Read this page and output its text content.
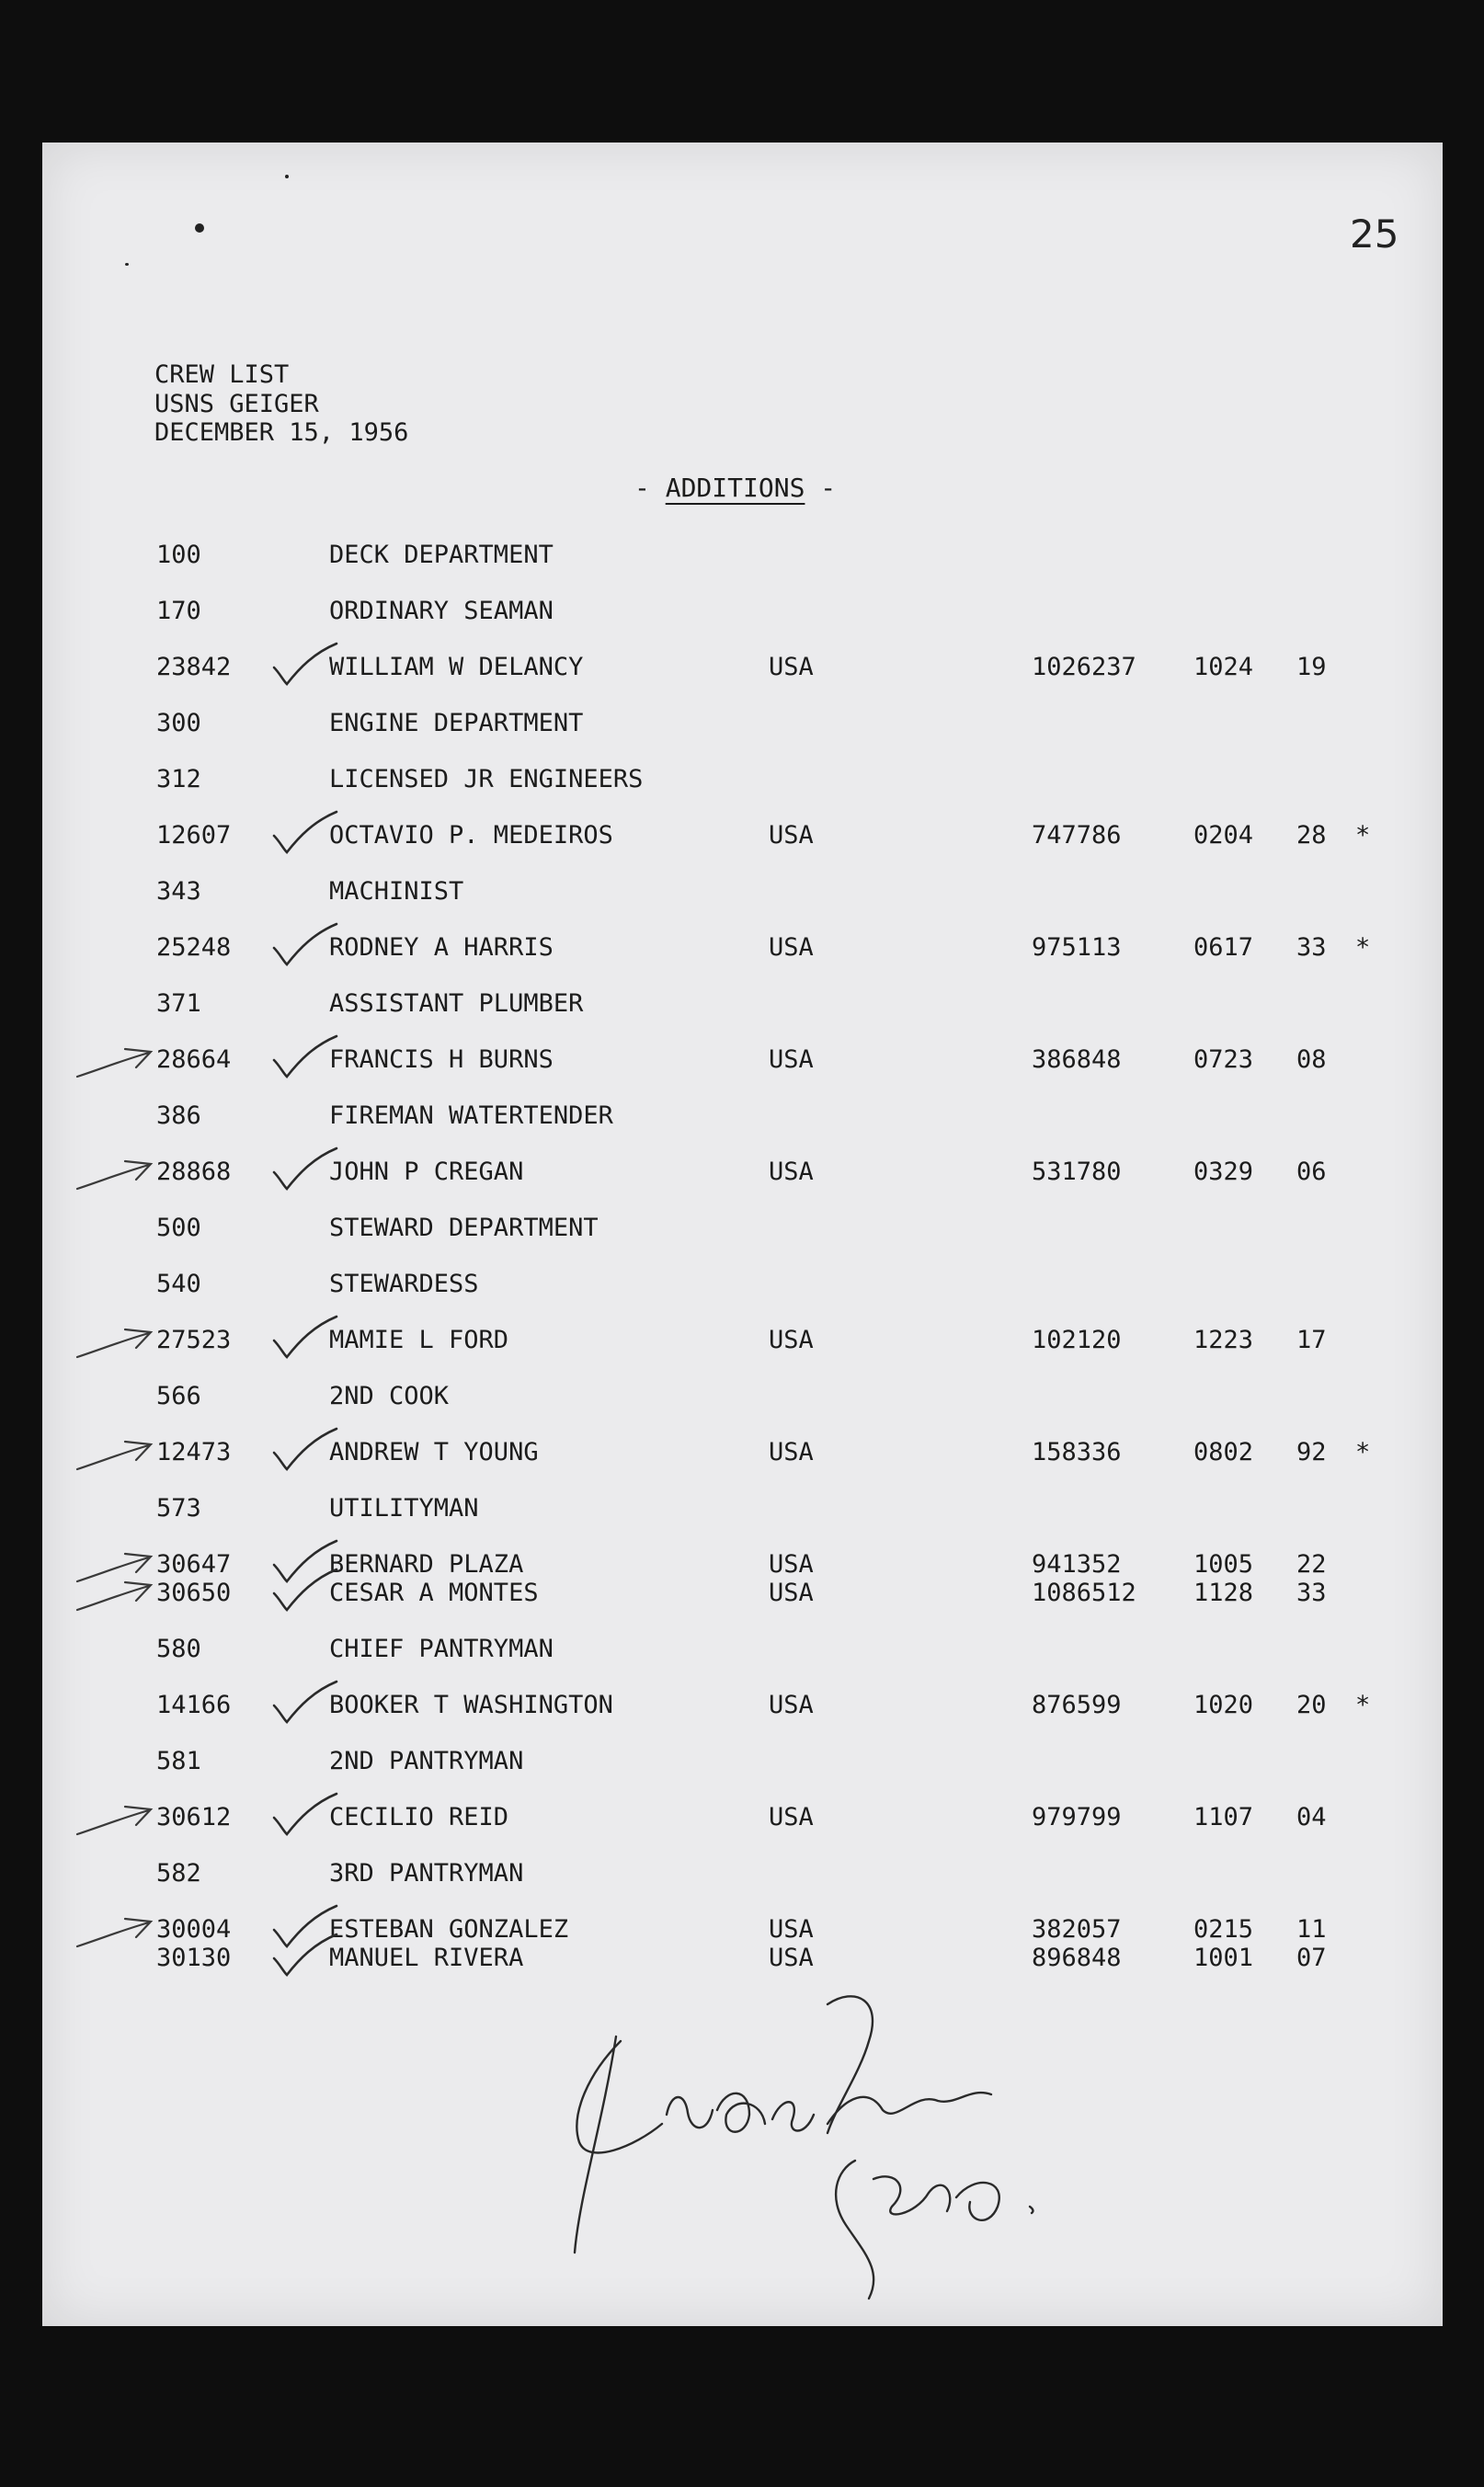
25
CREW LIST
USNS GEIGER
DECEMBER 15, 1956
- ADDITIONS -
100	DECK DEPARTMENT
170	ORDINARY SEAMAN
23842	WILLIAM W DELANCY	USA	1026237 1024 19
300	ENGINE DEPARTMENT
312	LICENSED JR ENGINEERS
12607	OCTAVIO P. MEDEIROS	USA	747786	0204 28 *
343	MACHINIST
25248	RODNEY A HARRIS	USA	975113	0617 33 *
371	ASSISTANT PLUMBER
28664	FRANCIS H BURNS	USA	386848	0723 08
386	FIREMAN WATERTENDER
28868	JOHN P CREGAN	USA	531780	0329 06
500	STEWARD DEPARTMENT
540	STEWARDESS
27523	MAMIE L FORD	USA	102120	1223 17
566	2ND COOK
12473	ANDREW T YOUNG	USA	158336	0802 92 *
573	UTILITYMAN
30647	BERNARD PLAZA	USA	941352	1005 22
30650	CESAR A MONTES	USA	1086512 1128 33
580	CHIEF PANTRYMAN
14166	BOOKER T WASHINGTON	USA	876599	1020 20 *
581	2ND PANTRYMAN
30612	CECILIO REID	USA	979799	1107 04
582	3RD PANTRYMAN
30004	ESTEBAN GONZALEZ	USA	382057	0215 11
30130	MANUEL RIVERA	USA	896848	1001 07
